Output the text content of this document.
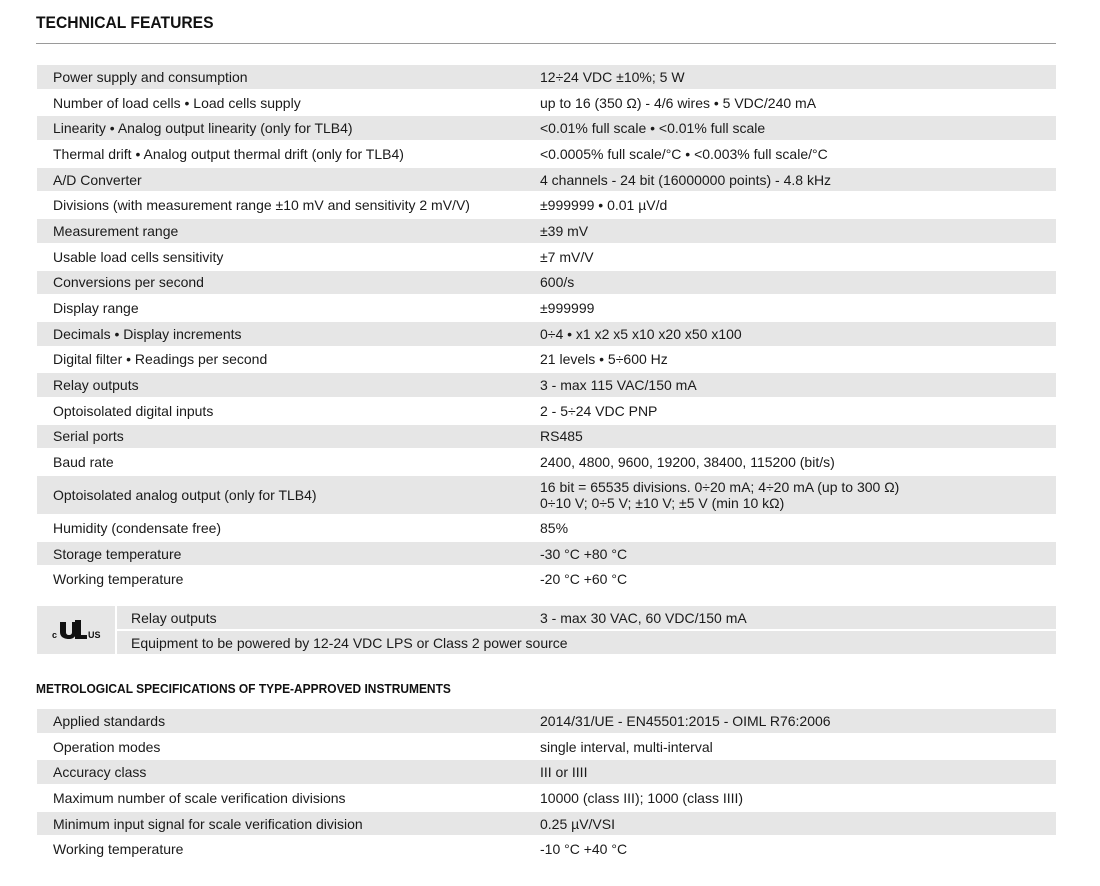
TECHNICAL FEATURES
Power supply and consumption	12÷24 VDC ±10%; 5 W
Number of load cells • Load cells supply	up to 16 (350 Ω) - 4/6 wires • 5 VDC/240 mA
Linearity • Analog output linearity (only for TLB4)	<0.01% full scale • <0.01% full scale
Thermal drift • Analog output thermal drift (only for TLB4)	<0.0005% full scale/°C • <0.003% full scale/°C
A/D Converter	4 channels - 24 bit (16000000 points) - 4.8 kHz
Divisions (with measurement range ±10 mV and sensitivity 2 mV/V)	±999999 • 0.01 µV/d
Measurement range	±39 mV
Usable load cells sensitivity	±7 mV/V
Conversions per second	600/s
Display range	±999999
Decimals • Display increments	0÷4 • x1 x2 x5 x10 x20 x50 x100
Digital filter • Readings per second	21 levels • 5÷600 Hz
Relay outputs	3 - max 115 VAC/150 mA
Optoisolated digital inputs	2 - 5÷24 VDC PNP
Serial ports	RS485
Baud rate	2400, 4800, 9600, 19200, 38400, 115200 (bit/s)
Optoisolated analog output (only for TLB4)	16 bit = 65535 divisions. 0÷20 mA; 4÷20 mA (up to 300 Ω)
0÷10 V; 0÷5 V; ±10 V; ±5 V (min 10 kΩ)
Humidity (condensate free)	85%
Storage temperature	-30 °C +80 °C
Working temperature	-20 °C +60 °C
c	US
Relay outputs	3 - max 30 VAC, 60 VDC/150 mA
Equipment to be powered by 12-24 VDC LPS or Class 2 power source
METROLOGICAL SPECIFICATIONS OF TYPE-APPROVED INSTRUMENTS
Applied standards	2014/31/UE - EN45501:2015 - OIML R76:2006
Operation modes	single interval, multi-interval
Accuracy class	III or IIII
Maximum number of scale verification divisions	10000 (class III); 1000 (class IIII)
Minimum input signal for scale verification division	0.25 µV/VSI
Working temperature	-10 °C +40 °C
